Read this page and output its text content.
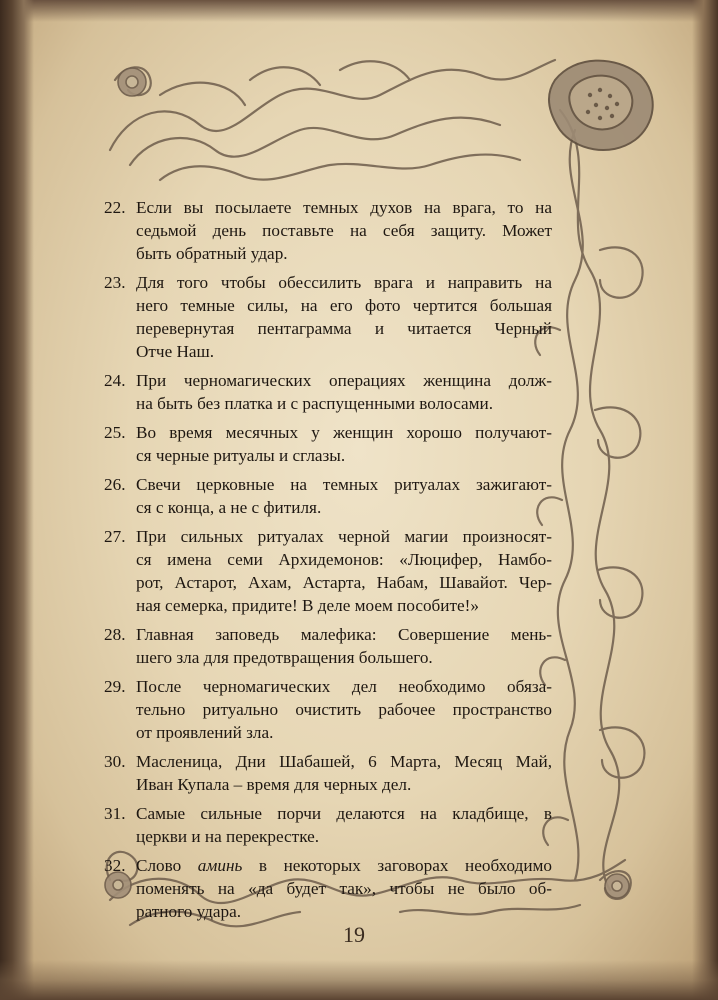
22. Если вы посылаете темных духов на врага, то на
седьмой день поставьте на себя защиту. Может
быть обратный удар.
23. Для того чтобы обессилить врага и направить на
него темные силы, на его фото чертится большая
перевернутая пентаграмма и читается Черный
Отче Наш.
24. При черномагических операциях женщина долж-
на быть без платка и с распущенными волосами.
25. Во время месячных у женщин хорошо получают-
ся черные ритуалы и сглазы.
26. Свечи церковные на темных ритуалах зажигают-
ся с конца, а не с фитиля.
27. При сильных ритуалах черной магии произносят-
ся имена семи Архидемонов: «Люцифер, Намбо-
рот, Астарот, Ахам, Астарта, Набам, Шавайот. Чер-
ная семерка, придите! В деле моем пособите!»
28. Главная заповедь малефика: Совершение мень-
шего зла для предотвращения большего.
29. После черномагических дел необходимо обяза-
тельно ритуально очистить рабочее пространство
от проявлений зла.
30. Масленица, Дни Шабашей, 6 Марта, Месяц Май,
Иван Купала – время для черных дел.
31. Самые сильные порчи делаются на кладбище, в
церкви и на перекрестке.
32. Слово аминь в некоторых заговорах необходимо
поменять на «да будет так», чтобы не было об-
ратного удара.
19
